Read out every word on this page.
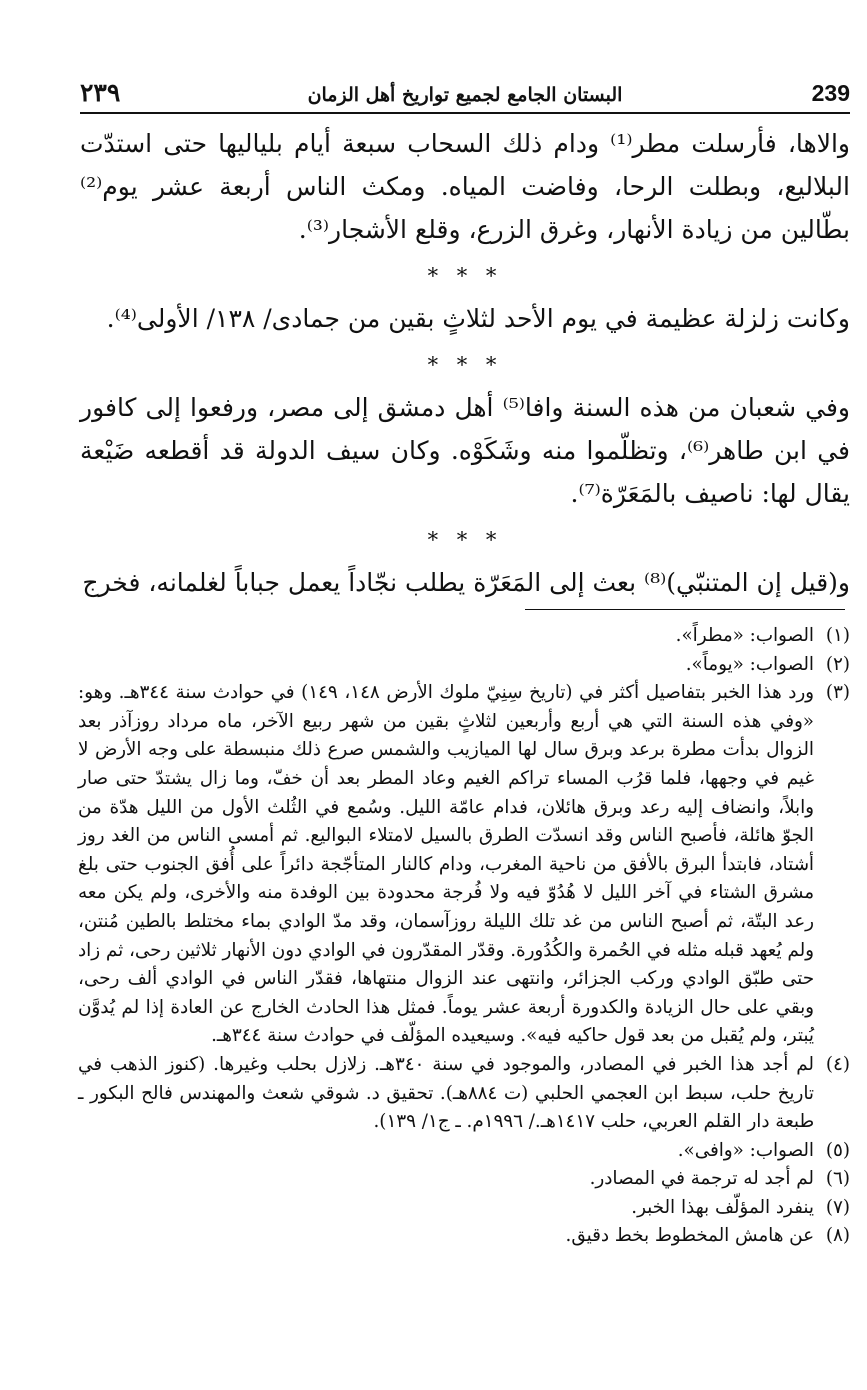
٢٣٩	البستان الجامع لجميع تواريخ أهل الزمان	239

والاها، فأرسلت مطر⁽¹⁾ ودام ذلك السحاب سبعة أيام بلياليها حتى استدّت البلاليع، وبطلت الرحا، وفاضت المياه. ومكث الناس أربعة عشر يوم⁽²⁾ بطّالين من زيادة الأنهار، وغرق الزرع، وقلع الأشجار⁽³⁾.

* * *

وكانت زلزلة عظيمة في يوم الأحد لثلاثٍ بقين من جمادى/ ١٣٨/ الأولى⁽⁴⁾.

* * *

وفي شعبان من هذه السنة وافا⁽⁵⁾ أهل دمشق إلى مصر، ورفعوا إلى كافور في ابن طاهر⁽⁶⁾، وتظلّموا منه وشَكَوْه. وكان سيف الدولة قد أقطعه ضَيْعة يقال لها: ناصيف بالمَعَرّة⁽⁷⁾.

* * *

و(قيل إن المتنبّي)⁽⁸⁾ بعث إلى المَعَرّة يطلب نجّاداً يعمل جباباً لغلمانه، فخرج

(١)
الصواب: «مطراً».

(٢)
الصواب: «يوماً».

(٣)
ورد هذا الخبر بتفاصيل أكثر في (تاريخ سِنِيّ ملوك الأرض ١٤٨، ١٤٩) في حوادث سنة ٣٤٤هـ. وهو: «وفي هذه السنة التي هي أربع وأربعين لثلاثٍ بقين من شهر ربيع الآخر، ماه مرداد روزآذر بعد الزوال بدأت مطرة برعد وبرق سال لها الميازيب والشمس صرع ذلك منبسطة على وجه الأرض لا غيم في وجهها، فلما قرُب المساء تراكم الغيم وعاد المطر بعد أن خفّ، وما زال يشتدّ حتى صار وابلاً، وانضاف إليه رعد وبرق هائلان، فدام عامّة الليل. وسُمع في الثُلث الأول من الليل هدّة من الجوّ هائلة، فأصبح الناس وقد انسدّت الطرق بالسيل لامتلاء البواليع. ثم أمسى الناس من الغد روز أشتاد، فابتدأ البرق بالأفق من ناحية المغرب، ودام كالنار المتأجّجة دائراً على أُفق الجنوب حتى بلغ مشرق الشتاء في آخر الليل لا هُدُوّ فيه ولا فُرجة محدودة بين الوفدة منه والأخرى، ولم يكن معه رعد البتّة، ثم أصبح الناس من غد تلك الليلة روزآسمان، وقد مدّ الوادي بماء مختلط بالطين مُنتن، ولم يُعهد قبله مثله في الحُمرة والكُدُورة. وقدّر المقدّرون في الوادي دون الأنهار ثلاثين رحى، ثم زاد حتى طبّق الوادي وركب الجزائر، وانتهى عند الزوال منتهاها، فقدّر الناس في الوادي ألف رحى، وبقي على حال الزيادة والكدورة أربعة عشر يوماً. فمثل هذا الحادث الخارج عن العادة إذا لم يُدوَّن يُبتر، ولم يُقبل من بعد قول حاكيه فيه». وسيعيده المؤلّف في حوادث سنة ٣٤٤هـ.

(٤)
لم أجد هذا الخبر في المصادر، والموجود في سنة ٣٤٠هـ. زلازل بحلب وغيرها. (كنوز الذهب في تاريخ حلب، سبط ابن العجمي الحلبي (ت ٨٨٤هـ). تحقيق د. شوقي شعث والمهندس فالح البكور ـ طبعة دار القلم العربي، حلب ١٤١٧هـ./ ١٩٩٦م. ـ ج١/ ١٣٩).

(٥)
الصواب: «وافى».

(٦)
لم أجد له ترجمة في المصادر.

(٧)
ينفرد المؤلّف بهذا الخبر.

(٨)
عن هامش المخطوط بخط دقيق.
